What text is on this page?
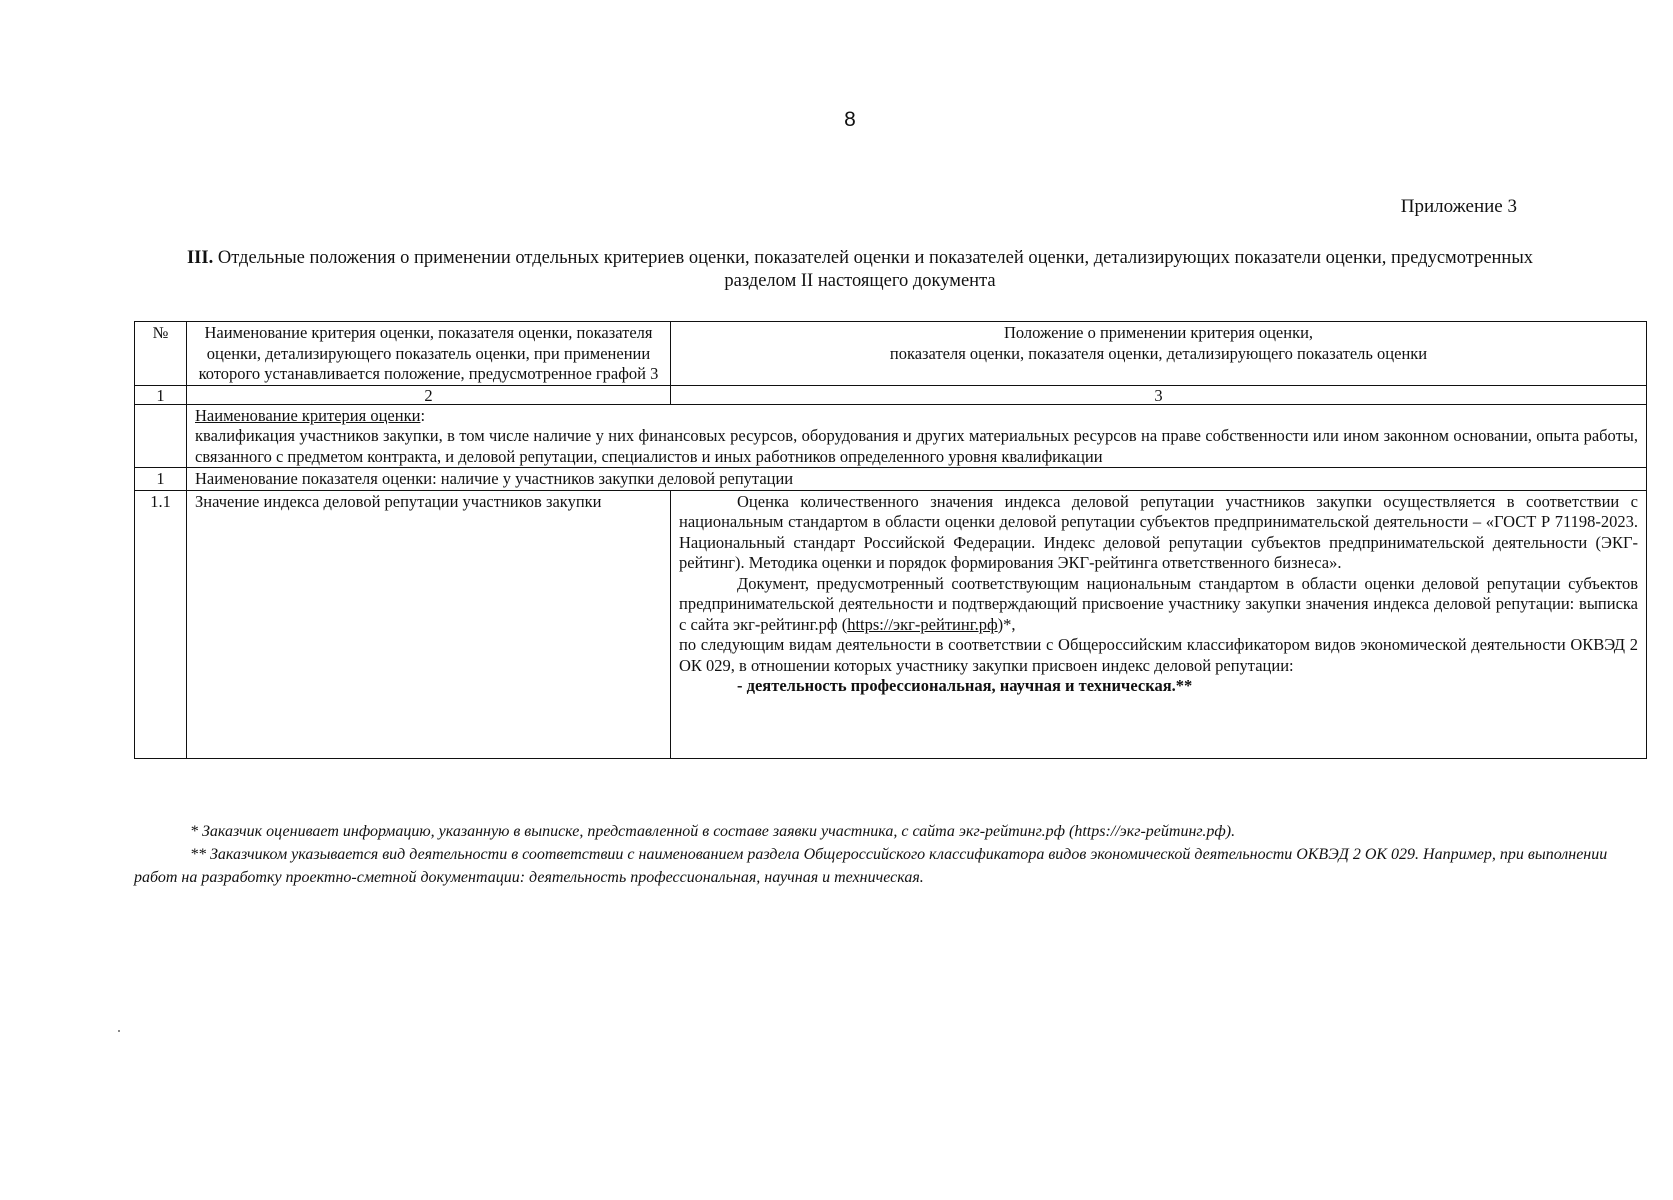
8
Приложение 3
III. Отдельные положения о применении отдельных критериев оценки, показателей оценки и показателей оценки, детализирующих показатели оценки, предусмотренных разделом II настоящего документа
№	Наименование критерия оценки, показателя оценки, показателя оценки, детализирующего показатель оценки, при применении которого устанавливается положение, предусмотренное графой 3	Положение о применении критерия оценки,
показателя оценки, показателя оценки, детализирующего показатель оценки

1	2	3

	Наименование критерия оценки:
квалификация участников закупки, в том числе наличие у них финансовых ресурсов, оборудования и других материальных ресурсов на праве собственности или ином законном основании, опыта работы, связанного с предметом контракта, и деловой репутации, специалистов и иных работников определенного уровня квалификации	

1	Наименование показателя оценки: наличие у участников закупки деловой репутации	
1.1	Значение индекса деловой репутации участников закупки	Оценка количественного значения индекса деловой репутации участников закупки осуществляется в соответствии с национальным стандартом в области оценки деловой репутации субъектов предпринимательской деятельности – «ГОСТ Р 71198-2023. Национальный стандарт Российской Федерации. Индекс деловой репутации субъектов предпринимательской деятельности (ЭКГ-рейтинг). Методика оценки и порядок формирования ЭКГ-рейтинга ответственного бизнеса».
Документ, предусмотренный соответствующим национальным стандартом в области оценки деловой репутации субъектов предпринимательской деятельности и подтверждающий присвоение участнику закупки значения индекса деловой репутации: выписка с сайта экг-рейтинг.рф (https://экг-рейтинг.рф)*,
по следующим видам деятельности в соответствии с Общероссийским классификатором видов экономической деятельности ОКВЭД 2 ОК 029, в отношении которых участнику закупки присвоен индекс деловой репутации:
- деятельность профессиональная, научная и техническая.**
* Заказчик оценивает информацию, указанную в выписке, представленной в составе заявки участника, с сайта экг-рейтинг.рф (https://экг-рейтинг.рф).
** Заказчиком указывается вид деятельности в соответствии с наименованием раздела Общероссийского классификатора видов экономической деятельности ОКВЭД 2 ОК 029. Например, при выполнении работ на разработку проектно-сметной документации: деятельность профессиональная, научная и техническая.
